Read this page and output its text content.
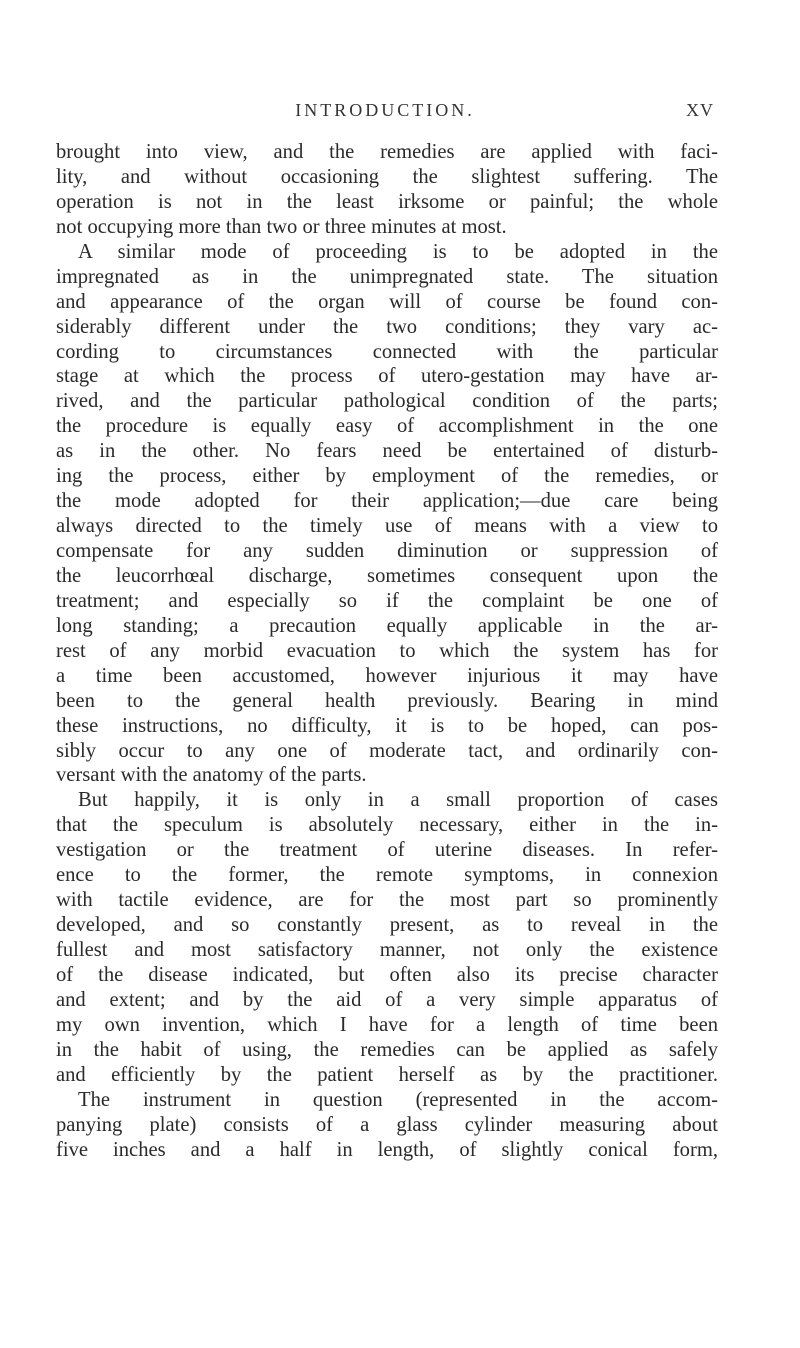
INTRODUCTION.	XV
brought into view, and the remedies are applied with faci-
lity, and without occasioning the slightest suffering. The
operation is not in the least irksome or painful; the whole
not occupying more than two or three minutes at most.
A similar mode of proceeding is to be adopted in the
impregnated as in the unimpregnated state. The situation
and appearance of the organ will of course be found con-
siderably different under the two conditions; they vary ac-
cording to circumstances connected with the particular
stage at which the process of utero-gestation may have ar-
rived, and the particular pathological condition of the parts;
the procedure is equally easy of accomplishment in the one
as in the other. No fears need be entertained of disturb-
ing the process, either by employment of the remedies, or
the mode adopted for their application;—due care being
always directed to the timely use of means with a view to
compensate for any sudden diminution or suppression of
the leucorrhœal discharge, sometimes consequent upon the
treatment; and especially so if the complaint be one of
long standing; a precaution equally applicable in the ar-
rest of any morbid evacuation to which the system has for
a time been accustomed, however injurious it may have
been to the general health previously. Bearing in mind
these instructions, no difficulty, it is to be hoped, can pos-
sibly occur to any one of moderate tact, and ordinarily con-
versant with the anatomy of the parts.
But happily, it is only in a small proportion of cases
that the speculum is absolutely necessary, either in the in-
vestigation or the treatment of uterine diseases. In refer-
ence to the former, the remote symptoms, in connexion
with tactile evidence, are for the most part so prominently
developed, and so constantly present, as to reveal in the
fullest and most satisfactory manner, not only the existence
of the disease indicated, but often also its precise character
and extent; and by the aid of a very simple apparatus of
my own invention, which I have for a length of time been
in the habit of using, the remedies can be applied as safely
and efficiently by the patient herself as by the practitioner.
The instrument in question (represented in the accom-
panying plate) consists of a glass cylinder measuring about
five inches and a half in length, of slightly conical form,
